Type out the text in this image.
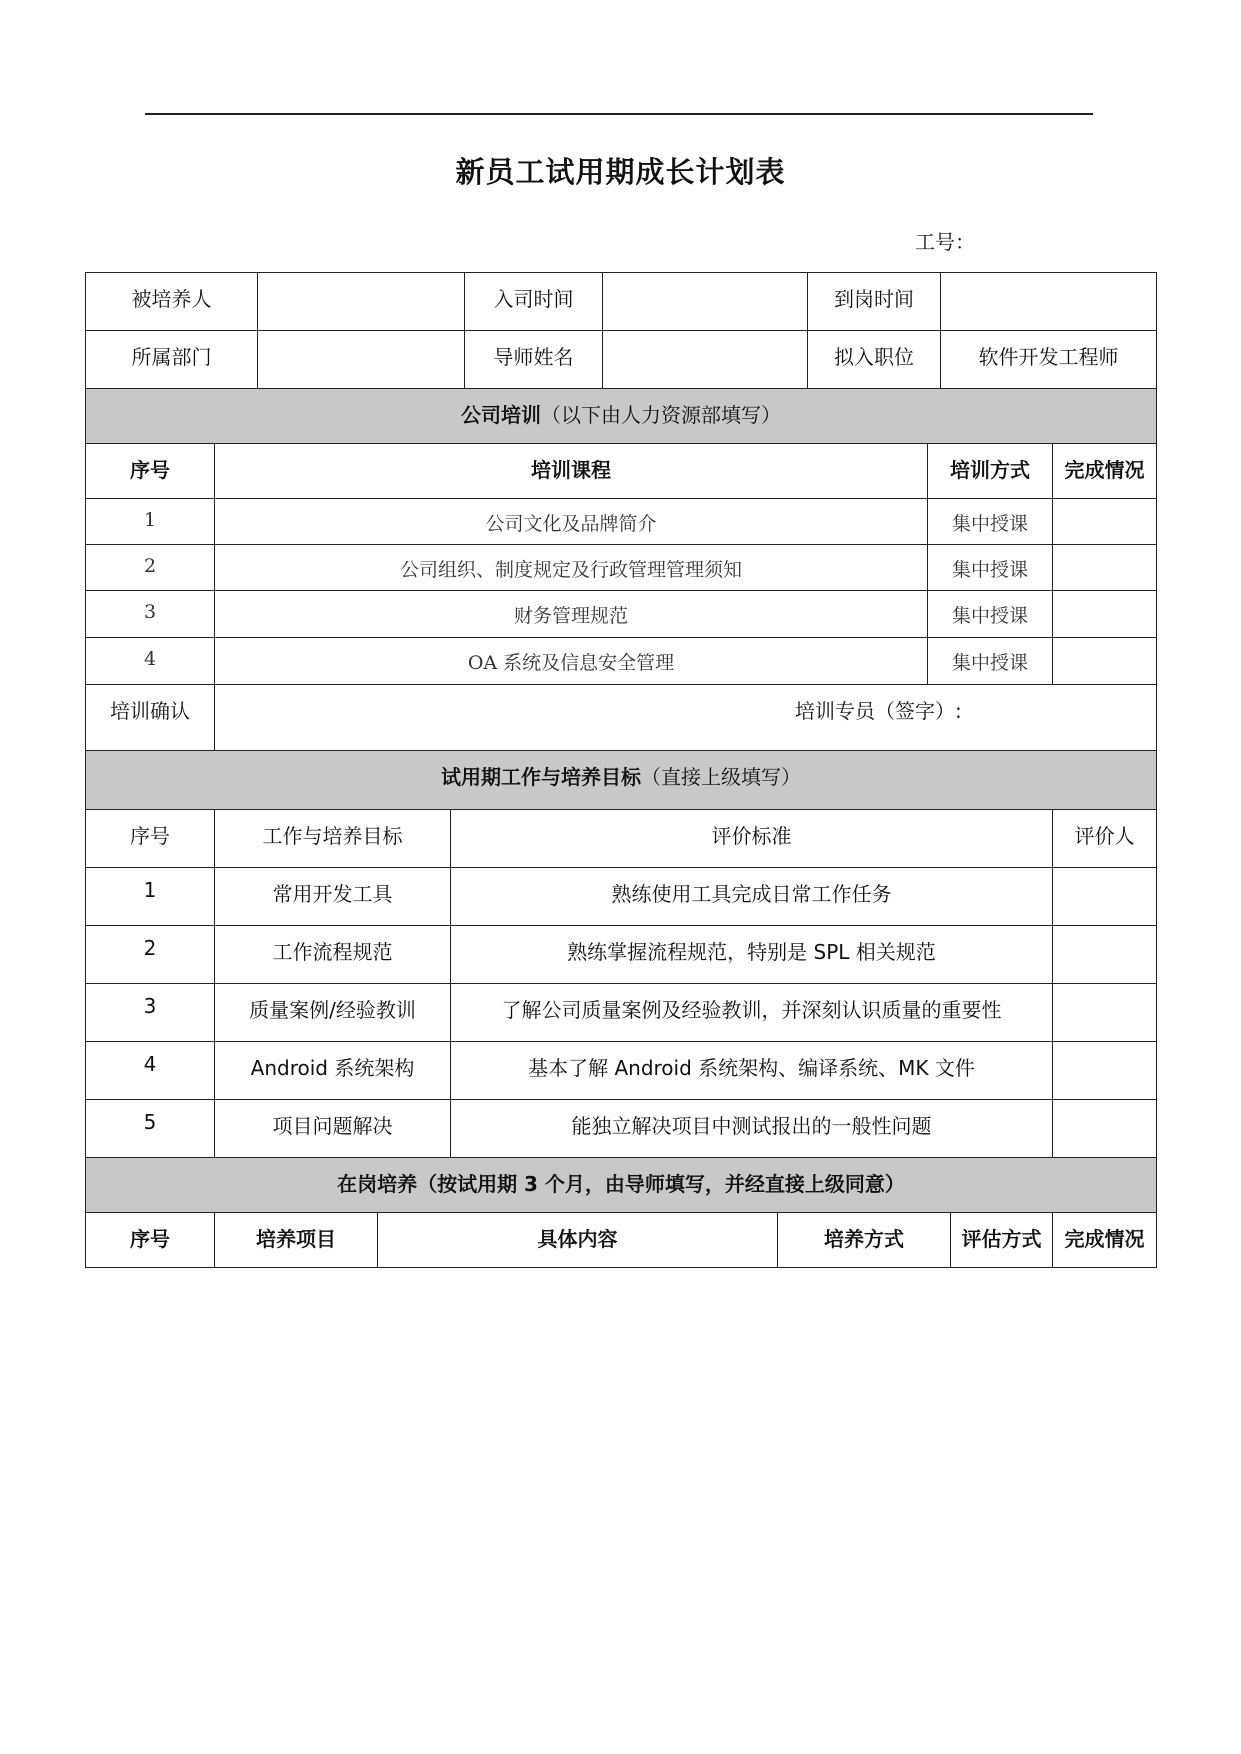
新员工试用期成长计划表
工号：
被培养人		入司时间		到岗时间	
所属部门		导师姓名		拟入职位	软件开发工程师
公司培训（以下由人力资源部填写）			
序号	培训课程	培训方式	完成情况
1	公司文化及品牌简介	集中授课	
2	公司组织、制度规定及行政管理管理须知	集中授课	
3	财务管理规范	集中授课	
4	OA 系统及信息安全管理	集中授课	
培训确认	培训专员（签字）:		
试用期工作与培养目标（直接上级填写）			
序号	工作与培养目标	评价标准	评价人
1	常用开发工具	熟练使用工具完成日常工作任务	
2	工作流程规范	熟练掌握流程规范，特别是 SPL 相关规范	
3	质量案例/经验教训	了解公司质量案例及经验教训，并深刻认识质量的重要性	
4	Android 系统架构	基本了解 Android 系统架构、编译系统、MK 文件	
5	项目问题解决	能独立解决项目中测试报出的一般性问题	
在岗培养（按试用期 3 个月，由导师填写，并经直接上级同意）
序号	培养项目	具体内容	培养方式	评估方式	完成情况
